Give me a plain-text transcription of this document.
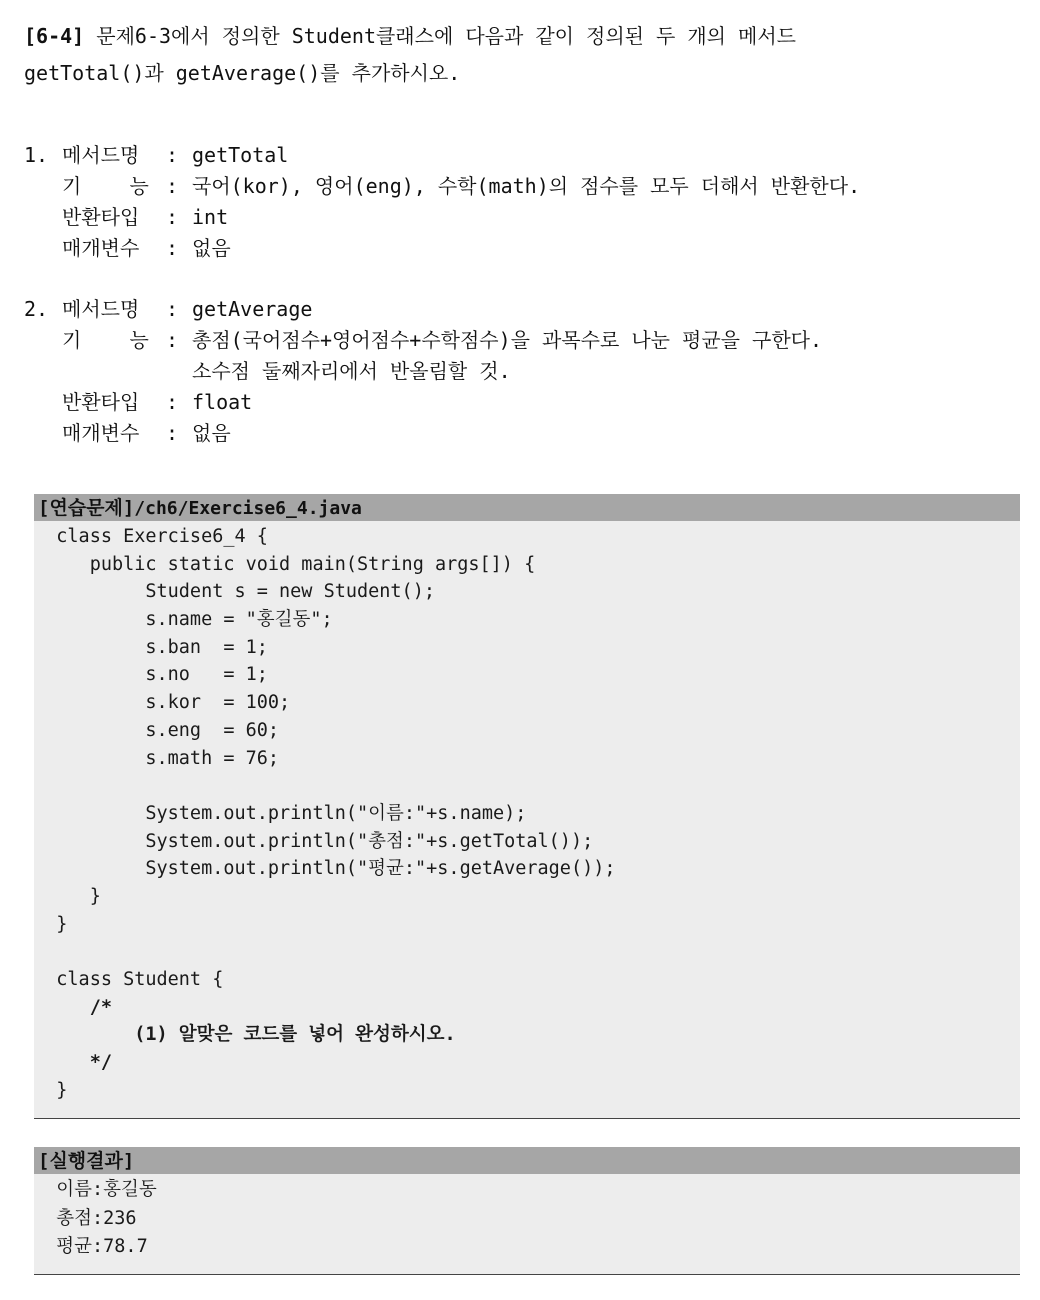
[6-4] 문제6-3에서 정의한 Student클래스에 다음과 같이 정의된 두 개의 메서드
getTotal()과 getAverage()를 추가하시오.
1. 메서드명	: getTotal
기    능 : 국어(kor), 영어(eng), 수학(math)의 점수를 모두 더해서 반환한다.
반환타입	: int
매개변수	: 없음
2. 메서드명	: getAverage
기    능 : 총점(국어점수+영어점수+수학점수)을 과목수로 나눈 평균을 구한다.
소수점 둘째자리에서 반올림할 것.
반환타입	: float
매개변수	: 없음
[연습문제]/ch6/Exercise6_4.java
class Exercise6_4 {
public static void main(String args[]) {
Student s = new Student();
s.name = "홍길동";
s.ban  = 1;
s.no   = 1;
s.kor  = 100;
s.eng  = 60;
s.math = 76;

System.out.println("이름:"+s.name);
System.out.println("총점:"+s.getTotal());
System.out.println("평균:"+s.getAverage());
}
}

class Student {
/*
(1) 알맞은 코드를 넣어 완성하시오.
*/
}
[실행결과]
이름:홍길동
총점:236
평균:78.7
